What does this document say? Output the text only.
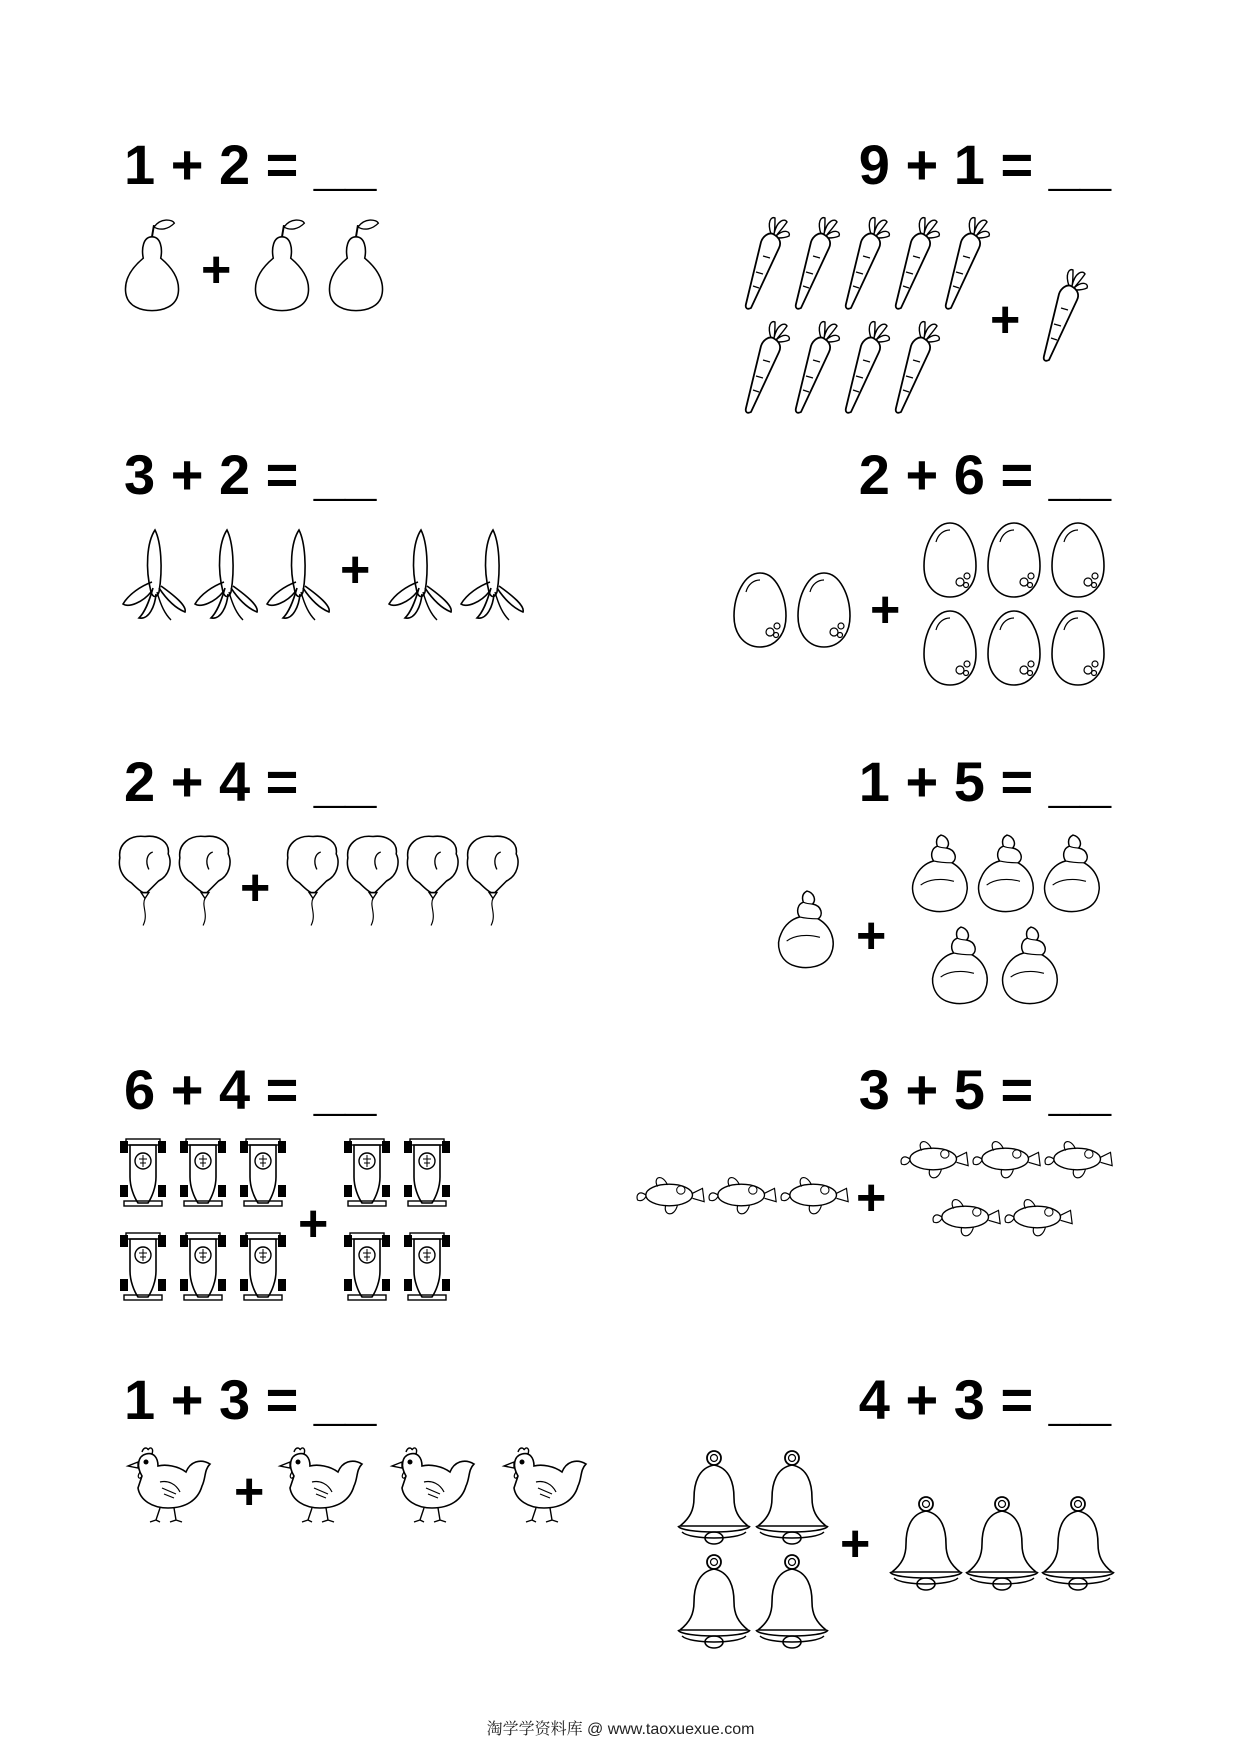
1 + 2 = __
+
9 + 1 = __
+
3 + 2 = __
+
2 + 6 = __
+
2 + 4 = __
+
1 + 5 = __
+
6 + 4 = __
+
3 + 5 = __
+
1 + 3 = __
+
4 + 3 = __
+
淘学学资料库 @ www.taoxuexue.com
